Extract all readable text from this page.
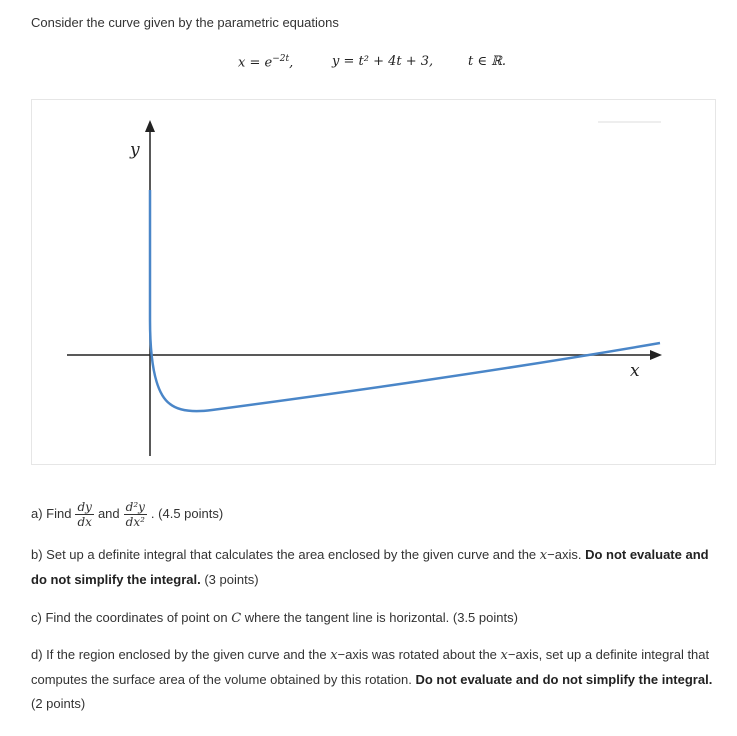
Consider the curve given by the parametric equations
$x = e^{-2t}$,	y = t² + 4t + 3,	t ∈ ℝ.
y
x
a) Find $\frac{dy}{dx}$ and $\frac{\text{d²y}}{\text{dx²}}$ . (4.5 points)
b) Set up a definite integral that calculates the area enclosed by the given curve and the x−axis. Do not evaluate and do not simplify the integral. (3 points)
c) Find the coordinates of point on C where the tangent line is horizontal. (3.5 points)
d) If the region enclosed by the given curve and the x−axis was rotated about the x−axis, set up a definite integral that computes the surface area of the volume obtained by this rotation. Do not evaluate and do not simplify the integral. (2 points)
